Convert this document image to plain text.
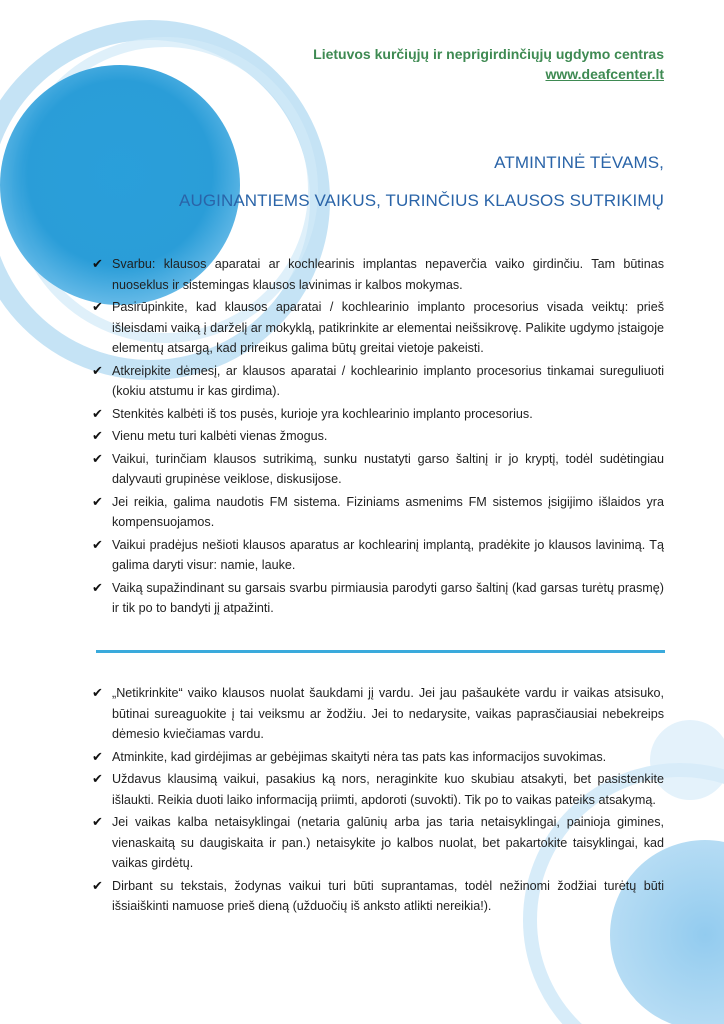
Lietuvos kurčiųjų ir neprigirdinčiųjų ugdymo centras
www.deafcenter.lt
ATMINTINĖ TĖVAMS,
AUGINANTIEMS VAIKUS, TURINČIUS KLAUSOS SUTRIKIMŲ
✔ Svarbu: klausos aparatai ar kochlearinis implantas nepaverčia vaiko girdinčiu. Tam būtinas nuoseklus ir sistemingas klausos lavinimas ir kalbos mokymas.
✔ Pasirūpinkite, kad klausos aparatai / kochlearinio implanto procesorius visada veiktų: prieš išleisdami vaiką į darželį ar mokyklą, patikrinkite ar elementai neišsikrovę. Palikite ugdymo įstaigoje elementų atsargą, kad prireikus galima būtų greitai vietoje pakeisti.
✔ Atkreipkite dėmesį, ar klausos aparatai / kochlearinio implanto procesorius tinkamai sureguliuoti (kokiu atstumu ir kas girdima).
✔ Stenkitės kalbėti iš tos pusės, kurioje yra kochlearinio implanto procesorius.
✔ Vienu metu turi kalbėti vienas žmogus.
✔ Vaikui, turinčiam klausos sutrikimą, sunku nustatyti garso šaltinį ir jo kryptį, todėl sudėtingiau dalyvauti grupinėse veiklose, diskusijose.
✔ Jei reikia, galima naudotis FM sistema. Fiziniams asmenims FM sistemos įsigijimo išlaidos yra kompensuojamos.
✔ Vaikui pradėjus nešioti klausos aparatus ar kochlearinį implantą, pradėkite jo klausos lavinimą. Tą galima daryti visur: namie, lauke.
✔ Vaiką supažindinant su garsais svarbu pirmiausia parodyti garso šaltinį (kad garsas turėtų prasmę) ir tik po to bandyti jį atpažinti.
✔ „Netikrinkite“ vaiko klausos nuolat šaukdami jį vardu. Jei jau pašaukėte vardu ir vaikas atsisuko, būtinai sureaguokite į tai veiksmu ar žodžiu. Jei to nedarysite, vaikas paprasčiausiai nebekreips dėmesio kviečiamas vardu.
✔ Atminkite, kad girdėjimas ar gebėjimas skaityti nėra tas pats kas informacijos suvokimas.
✔ Uždavus klausimą vaikui, pasakius ką nors, neraginkite kuo skubiau atsakyti, bet pasistenkite išlaukti. Reikia duoti laiko informaciją priimti, apdoroti (suvokti). Tik po to vaikas pateiks atsakymą.
✔ Jei vaikas kalba netaisyklingai (netaria galūnių arba jas taria netaisyklingai, painioja gimines, vienaskaitą su daugiskaita ir pan.) netaisykite jo kalbos nuolat, bet pakartokite taisyklingai, kad vaikas girdėtų.
✔ Dirbant su tekstais, žodynas vaikui turi būti suprantamas, todėl nežinomi žodžiai turėtų būti išsiaiškinti namuose prieš dieną (užduočių iš anksto atlikti nereikia!).
